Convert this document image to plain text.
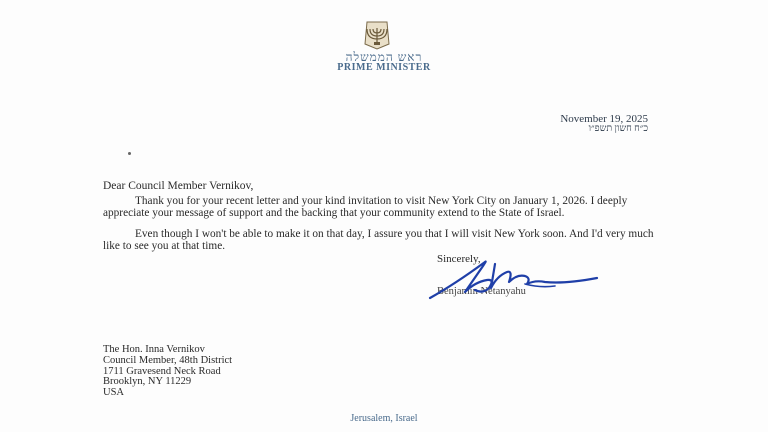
ראש הממשלה
PRIME MINISTER
November 19, 2025
כ״ח חשון תשפ״ו
Dear Council Member Vernikov,
Thank you for your recent letter and your kind invitation to visit New York City on January 1, 2026. I deeply appreciate your message of support and the backing that your community extend to the State of Israel.
Even though I won't be able to make it on that day, I assure you that I will visit New York soon. And I'd very much like to see you at that time.
Sincerely,
Benjamin Netanyahu
The Hon. Inna Vernikov
Council Member, 48th District
1711 Gravesend Neck Road
Brooklyn, NY 11229
USA
Jerusalem, Israel
